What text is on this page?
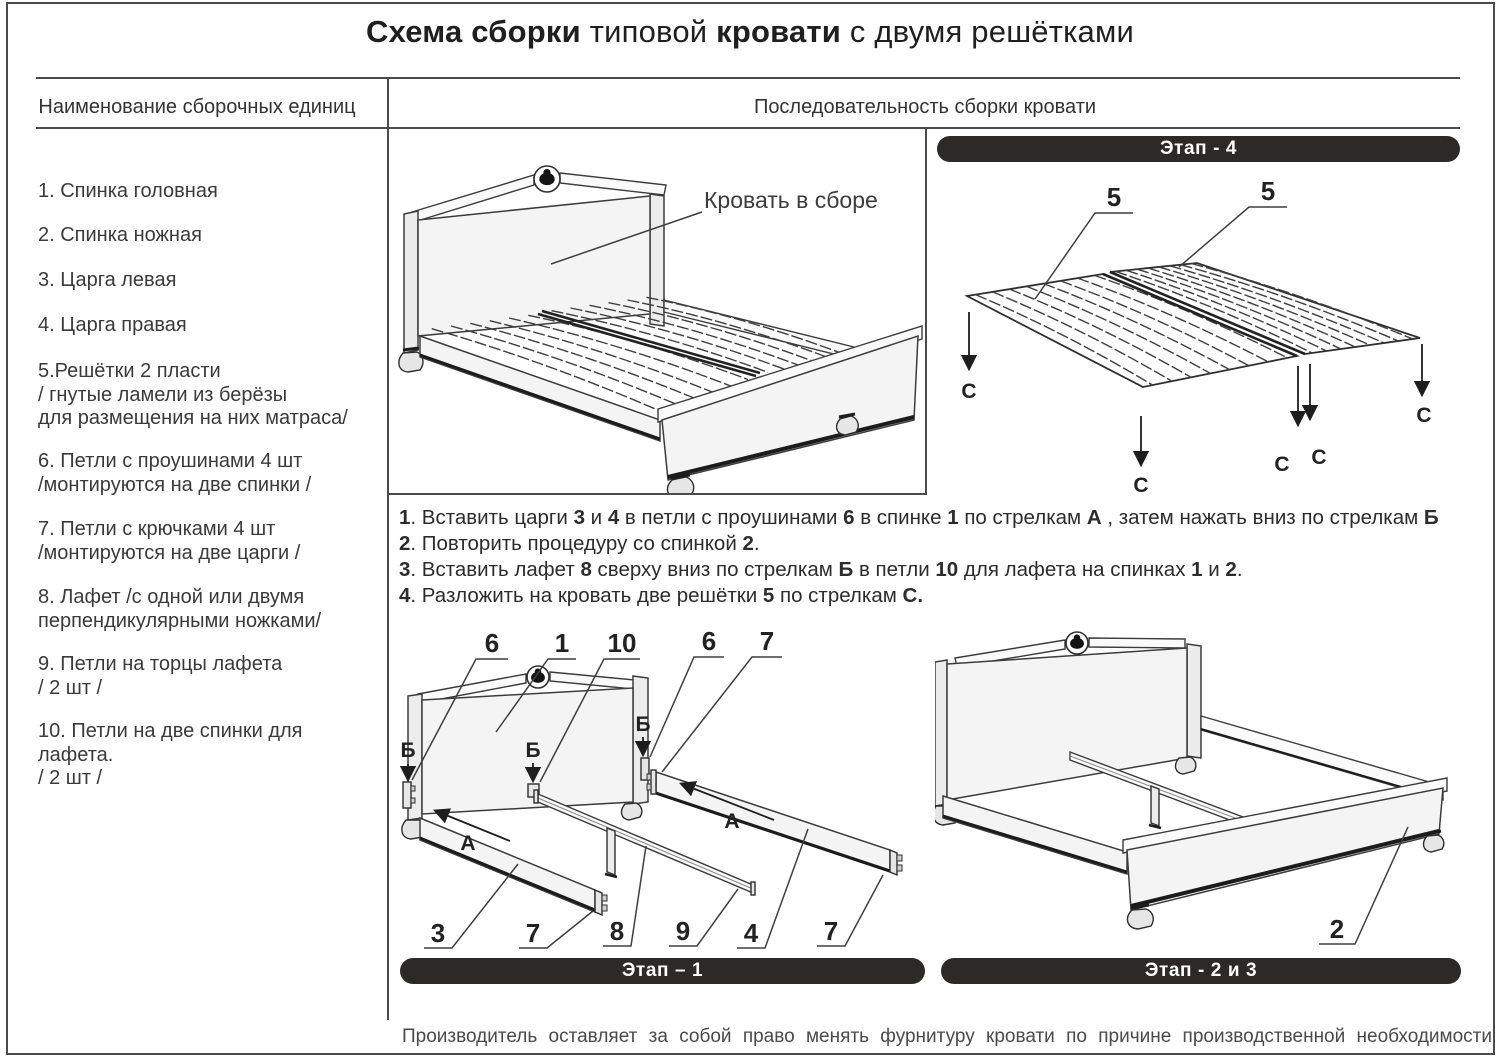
Схема сборки типовой кровати с двумя решётками
Наименование сборочных единиц	Последовательность сборки кровати
1. Спинка головная
2. Спинка ножная
3. Царга левая
4. Царга правая
5.Решётки 2 пласти
/ гнутые ламели из берёзы
для размещения на них матраса/
6. Петли с проушинами 4 шт
/монтируются на две спинки /
7. Петли с крючками 4 шт
/монтируются на две царги /
8. Лафет /с одной или двумя
перпендикулярными ножками/
9. Петли на торцы лафета
/ 2 шт /
10. Петли на две спинки для лафета.
/ 2 шт /
Кровать в сборе
Этап - 4
5	5
С
С
С С
С
1. Вставить царги 3 и 4 в петли с проушинами 6 в спинке 1 по стрелкам А , затем нажать вниз по стрелкам Б
2. Повторить процедуру со спинкой 2.
3. Вставить лафет 8 сверху вниз по стрелкам Б в петли 10 для лафета на спинках 1 и 2.
4. Разложить на кровать две решётки 5 по стрелкам С.
Б	Б
Б
А
А
6 1 10	6 7
3	7	8 9 4	7
Этап – 1
2
Этап - 2 и 3
Производитель оставляет за собой право менять фурнитуру кровати по причине производственной необходимости
